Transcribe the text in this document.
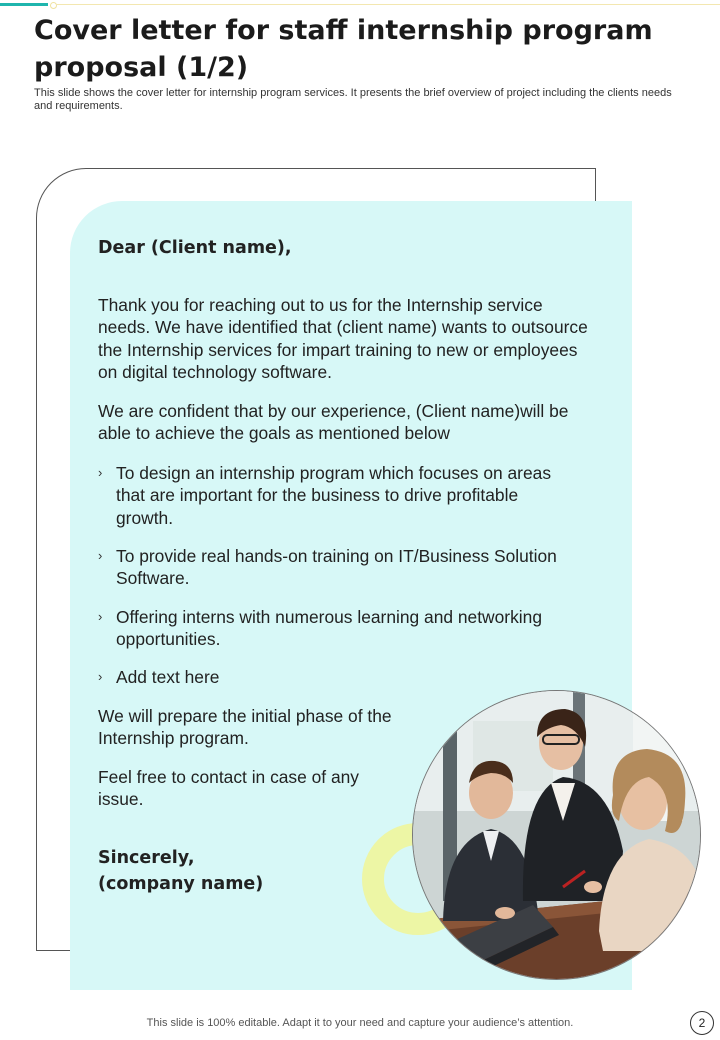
Cover letter for staff internship program proposal (1/2)

This slide shows the cover letter for internship program services. It presents the brief overview of project including the clients needs and requirements.

Dear (Client name),

Thank you for reaching out to us for the Internship service needs. We have identified that (client name) wants to outsource the Internship services for impart training to new or employees on digital technology software.

We are confident that by our experience, (Client name)will be able to achieve the goals as mentioned below

› To design an internship program which focuses on areas that are important for the business to drive profitable growth.
› To provide real hands-on training on IT/Business Solution Software.
› Offering interns with numerous learning and networking opportunities.
› Add text here

We will prepare the initial phase of the Internship program.

Feel free to contact in case of any issue.

Sincerely,
(company name)
This slide is 100% editable. Adapt it to your need and capture your audience’s attention.	2
